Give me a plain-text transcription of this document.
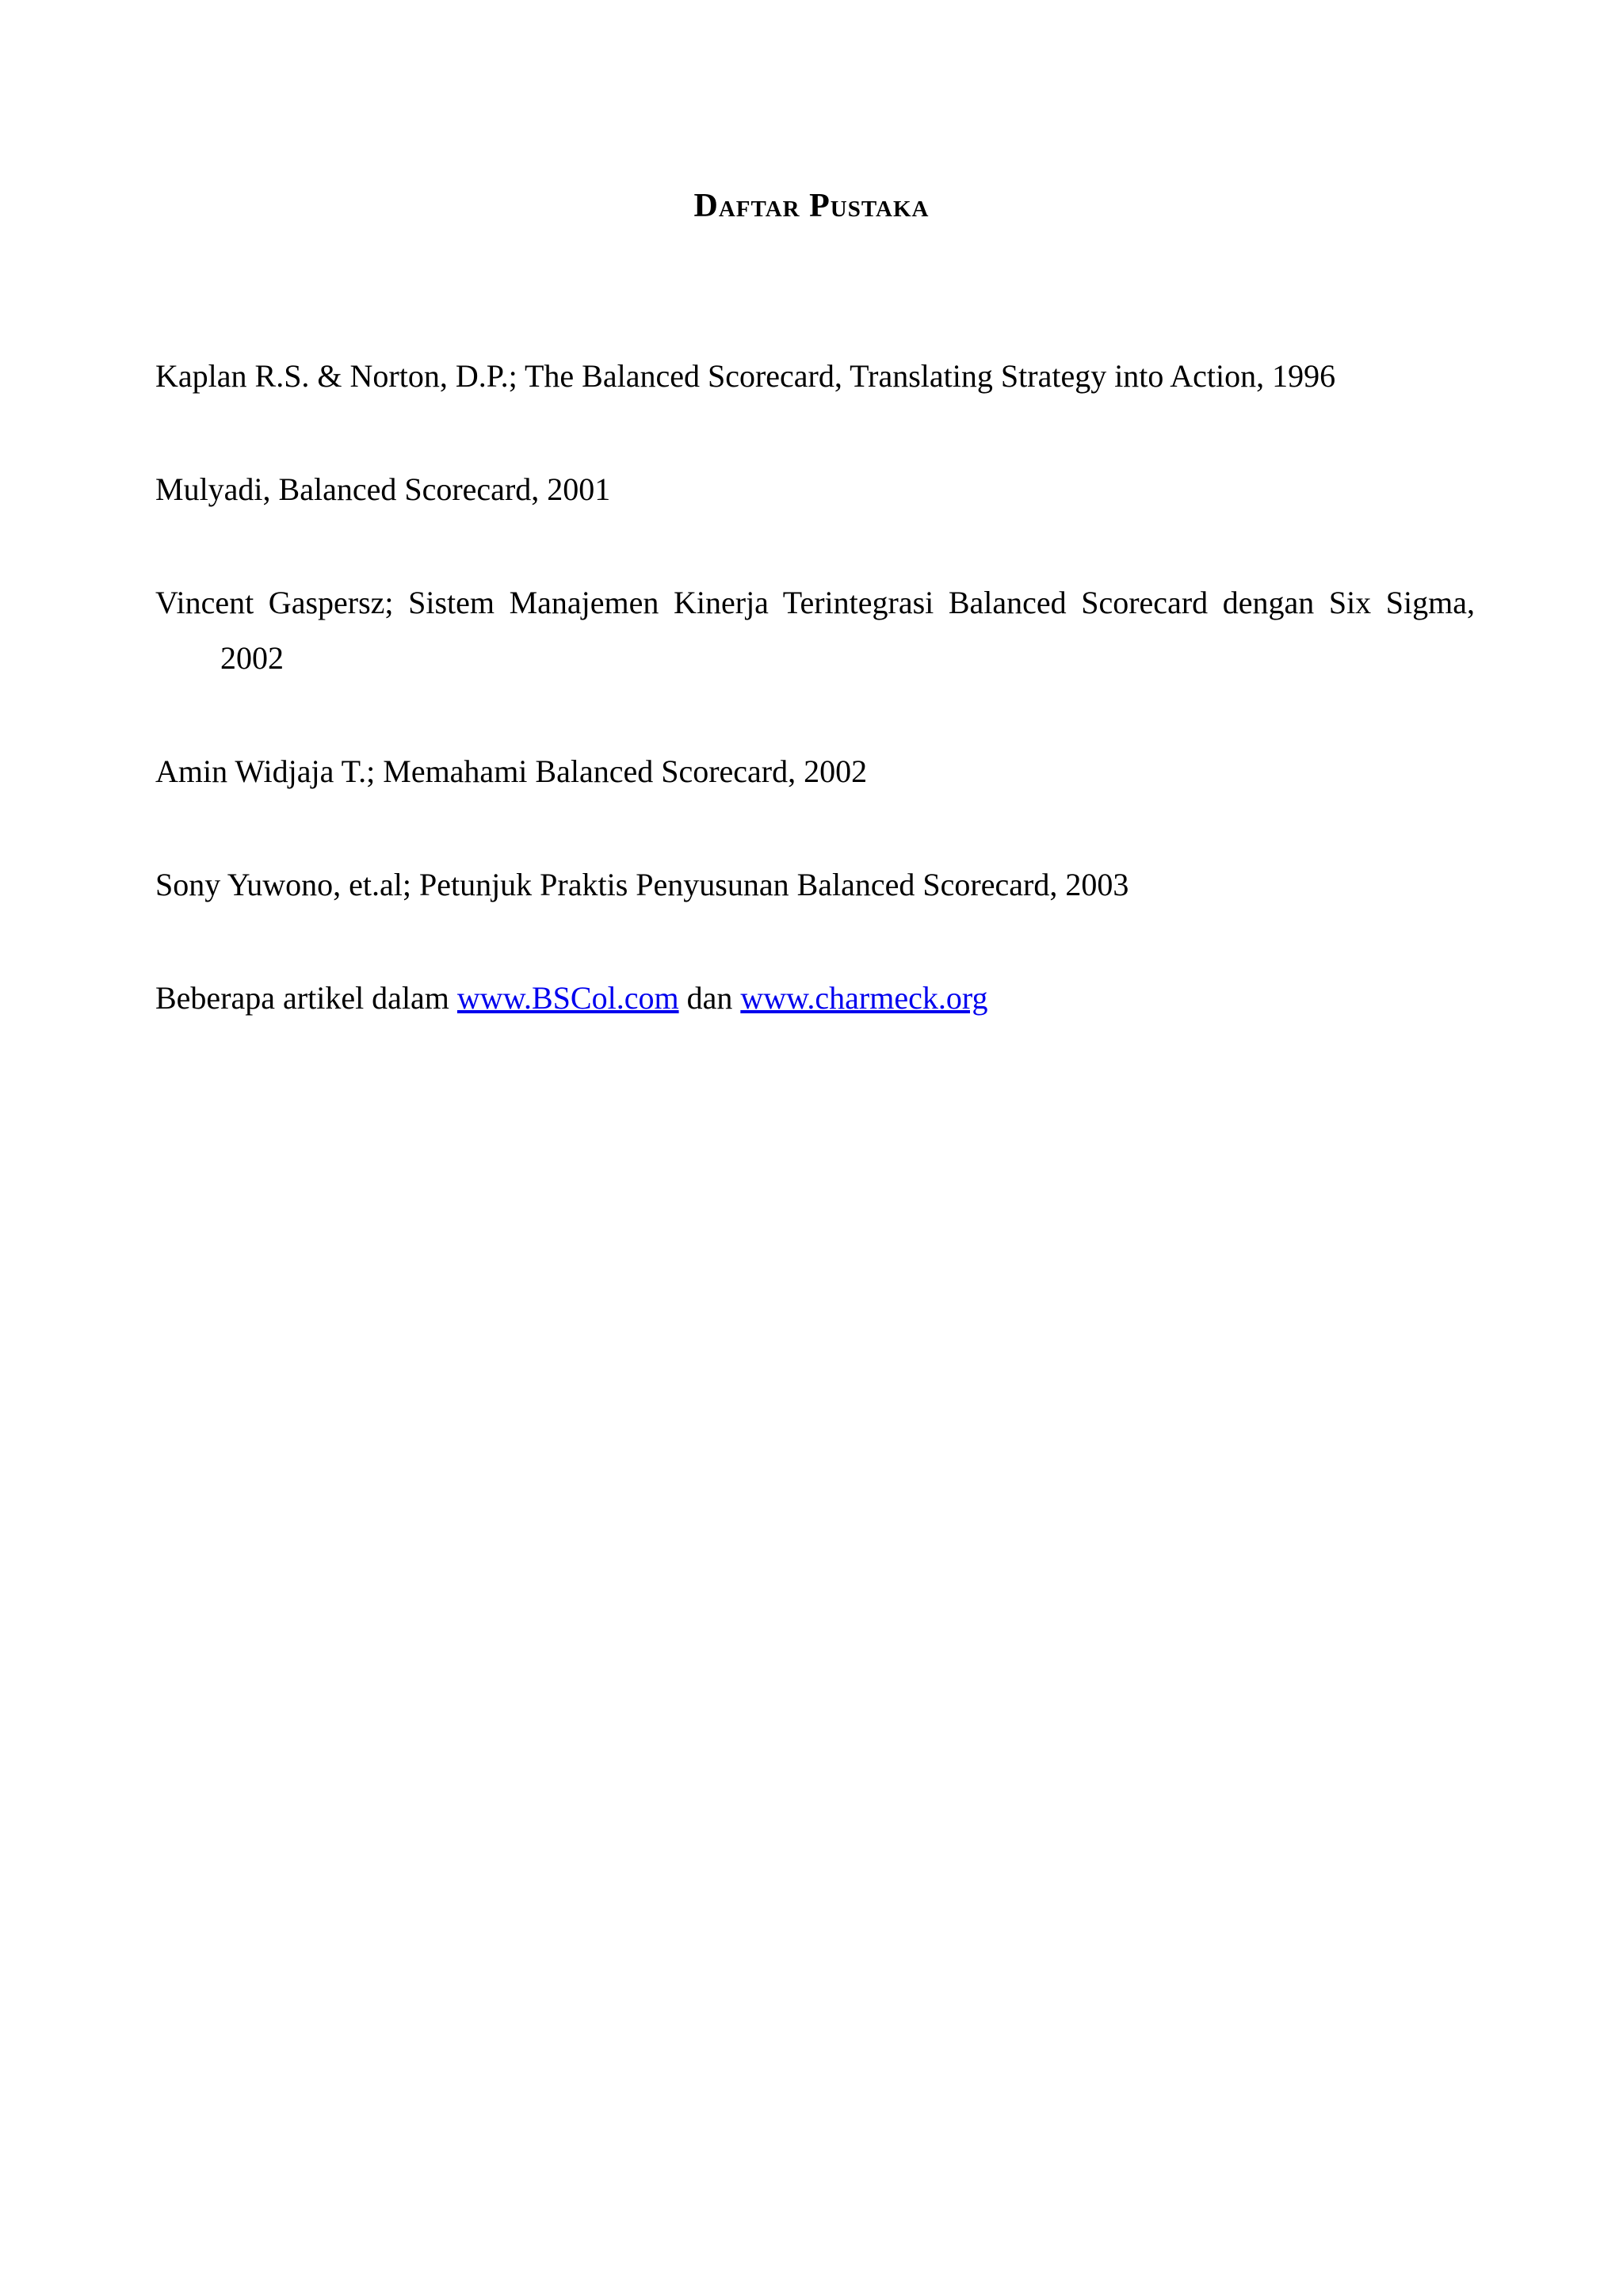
Daftar Pustaka
Kaplan R.S. & Norton, D.P.; The Balanced Scorecard, Translating Strategy into Action, 1996
Mulyadi, Balanced Scorecard, 2001
Vincent Gaspersz; Sistem Manajemen Kinerja Terintegrasi Balanced Scorecard dengan Six Sigma, 2002
Amin Widjaja T.; Memahami Balanced Scorecard, 2002
Sony Yuwono, et.al; Petunjuk Praktis Penyusunan Balanced Scorecard, 2003
Beberapa artikel dalam www.BSCol.com dan www.charmeck.org
